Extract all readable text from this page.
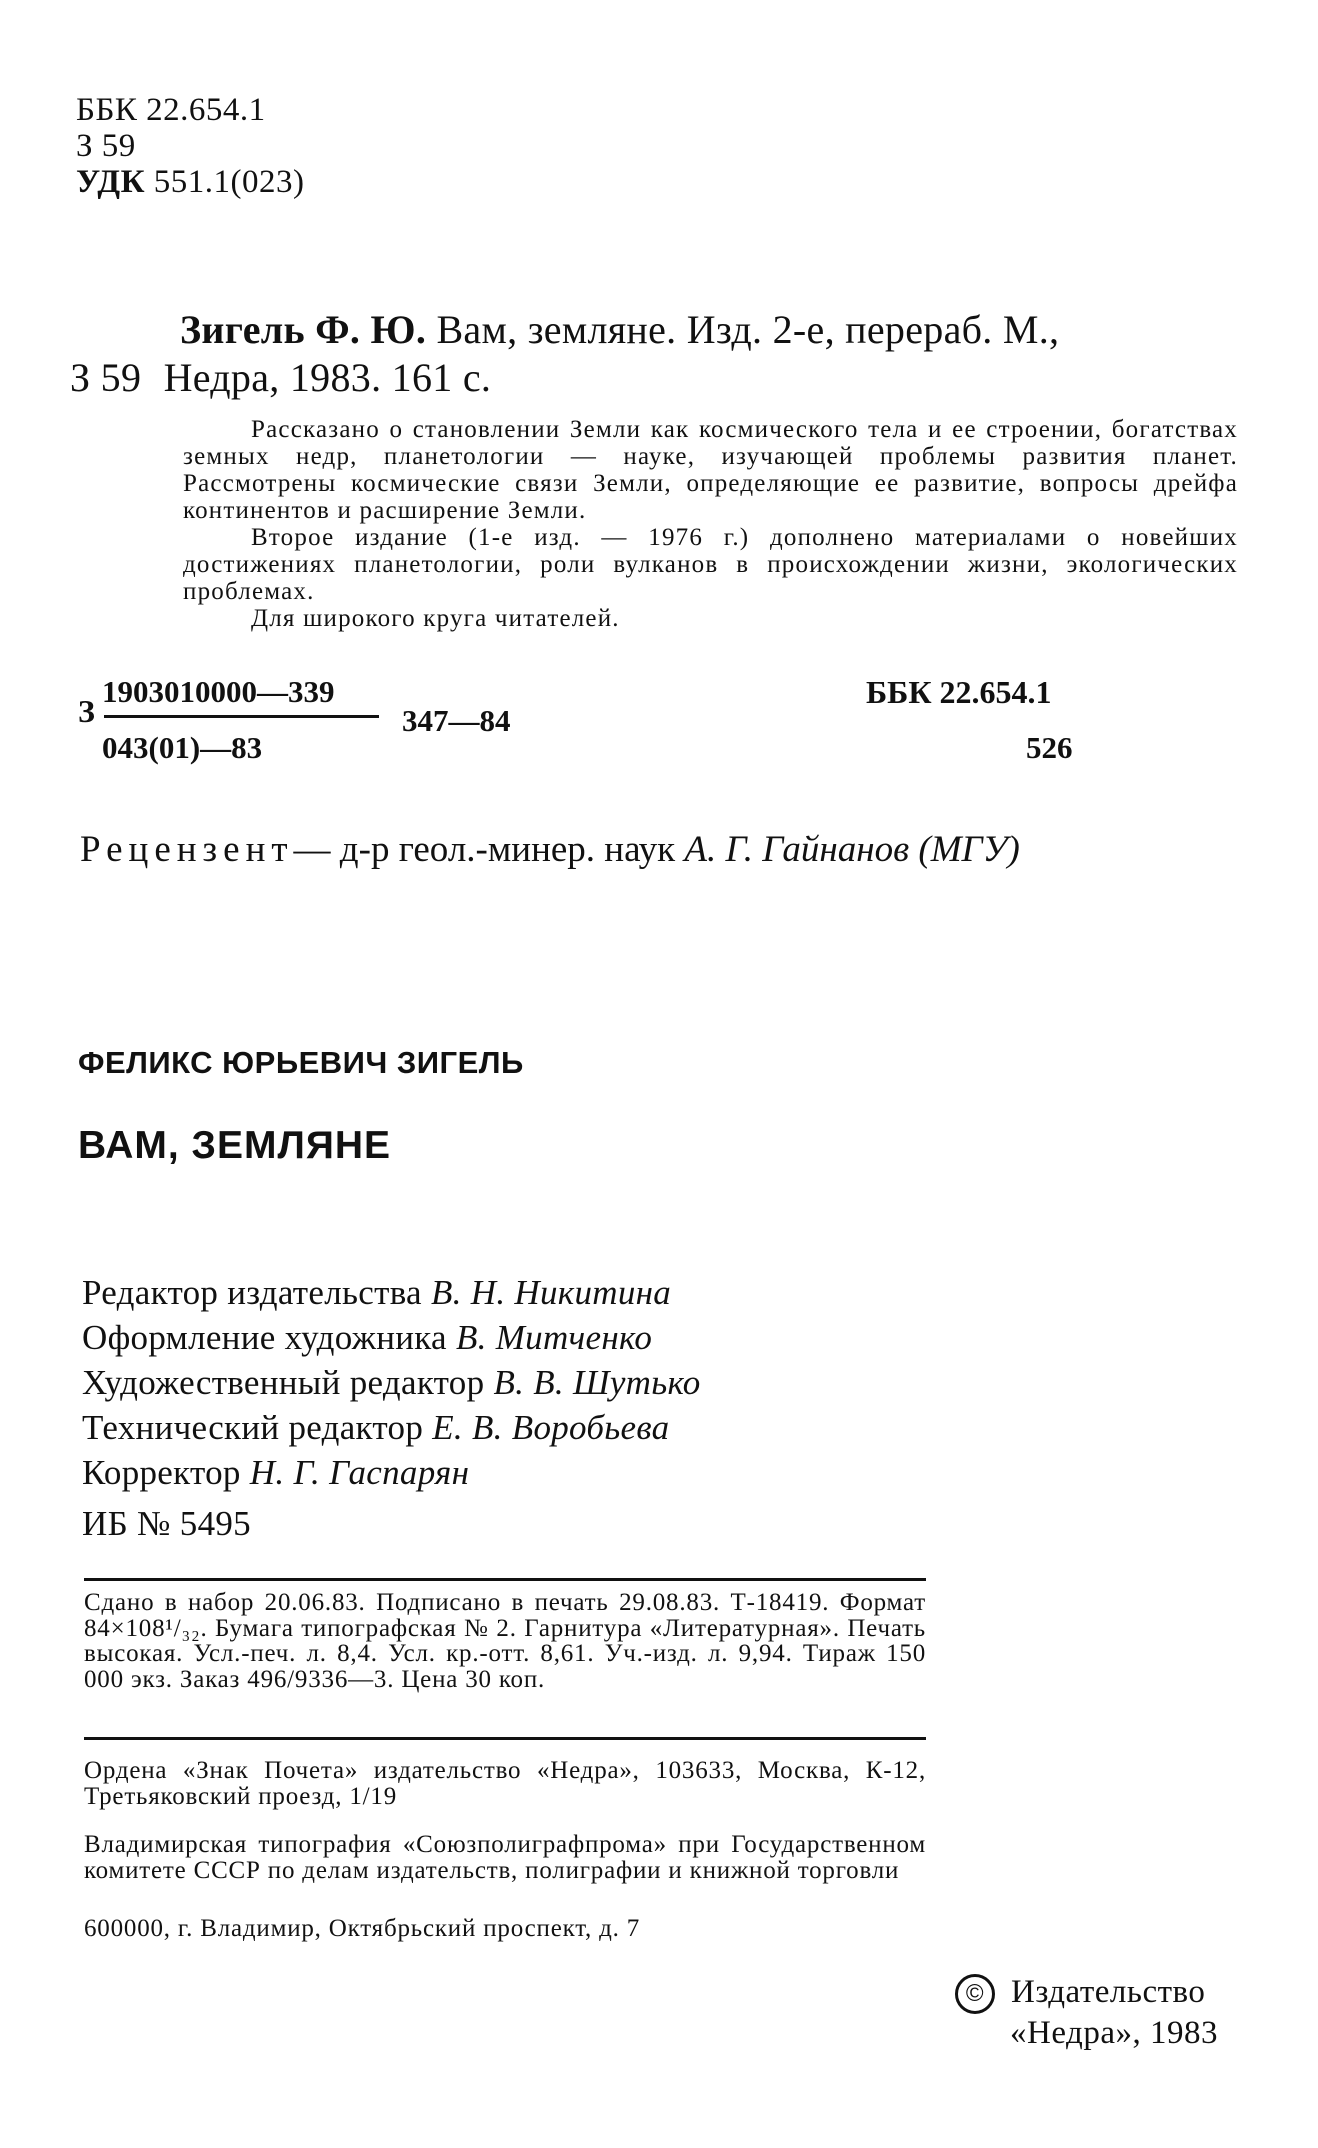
ББК 22.654.1
З 59
УДК 551.1(023)
Зигель Ф. Ю. Вам, земляне. Изд. 2-е, перераб. М.,
З 59 Недра, 1983. 161 с.

Рассказано о становлении Земли как космического тела и ее строении, богатствах земных недр, планетологии — науке, изучающей проблемы развития планет. Рассмотрены космические связи Земли, определяющие ее развитие, вопросы дрейфа континентов и расширение Земли.

Второе издание (1-е изд. — 1976 г.) дополнено материалами о новейших достижениях планетологии, роли вулканов в происхождении жизни, экологических проблемах.

Для широкого круга читателей.

З
1903010000—339
043(01)—83
347—84
ББК 22.654.1
526
Рецензент— д-р геол.-минер. наук А. Г. Гайнанов (МГУ)
ФЕЛИКС ЮРЬЕВИЧ ЗИГЕЛЬ
ВАМ, ЗЕМЛЯНЕ
Редактор издательства В. Н. Никитина
Оформление художника В. Митченко
Художественный редактор В. В. Шутько
Технический редактор Е. В. Воробьева
Корректор Н. Г. Гаспарян
ИБ № 5495

Сдано в набор 20.06.83. Подписано в печать 29.08.83. Т-18419. Формат 84×108¹/₃₂. Бумага типографская № 2. Гарнитура «Литературная». Печать высокая. Усл.-печ. л. 8,4. Усл. кр.-отт. 8,61. Уч.-изд. л. 9,94. Тираж 150 000 экз. Заказ 496/9336—3. Цена 30 коп.

Ордена «Знак Почета» издательство «Недра», 103633, Москва, К-12, Третьяковский проезд, 1/19

Владимирская типография «Союзполиграфпрома» при Государственном комитете СССР по делам издательств, полиграфии и книжной торговли

600000, г. Владимир, Октябрьский проспект, д. 7

© Издательство
«Недра», 1983
